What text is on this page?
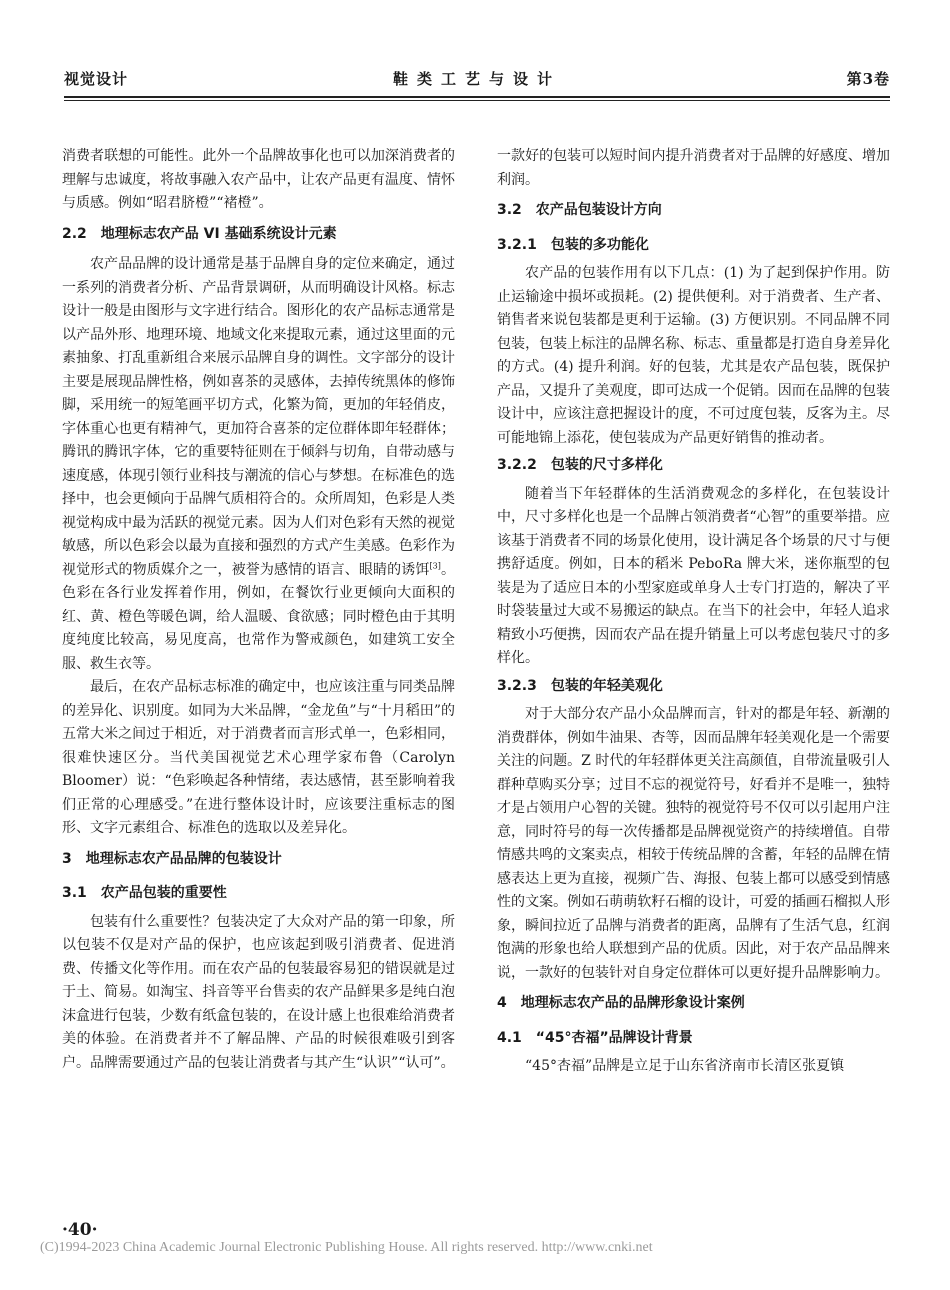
视觉设计	鞋类工艺与设计	第3卷

消费者联想的可能性。此外一个品牌故事化也可以加深消费者的理解与忠诚度，将故事融入农产品中，让农产品更有温度、情怀与质感。例如“昭君脐橙”“褚橙”。

2.2　地理标志农产品 VI 基础系统设计元素

农产品品牌的设计通常是基于品牌自身的定位来确定，通过一系列的消费者分析、产品背景调研，从而明确设计风格。标志设计一般是由图形与文字进行结合。图形化的农产品标志通常是以产品外形、地理环境、地域文化来提取元素，通过这里面的元素抽象、打乱重新组合来展示品牌自身的调性。文字部分的设计主要是展现品牌性格，例如喜茶的灵感体，去掉传统黑体的修饰脚，采用统一的短笔画平切方式，化繁为简，更加的年轻俏皮，字体重心也更有精神气，更加符合喜茶的定位群体即年轻群体；腾讯的腾讯字体，它的重要特征则在于倾斜与切角，自带动感与速度感，体现引领行业科技与潮流的信心与梦想。在标准色的选择中，也会更倾向于品牌气质相符合的。众所周知，色彩是人类视觉构成中最为活跃的视觉元素。因为人们对色彩有天然的视觉敏感，所以色彩会以最为直接和强烈的方式产生美感。色彩作为视觉形式的物质媒介之一，被誉为感情的语言、眼睛的诱饵[3]。色彩在各行业发挥着作用，例如，在餐饮行业更倾向大面积的红、黄、橙色等暖色调，给人温暖、食欲感；同时橙色由于其明度纯度比较高，易见度高，也常作为警戒颜色，如建筑工安全服、救生衣等。

最后，在农产品标志标准的确定中，也应该注重与同类品牌的差异化、识别度。如同为大米品牌，“金龙鱼”与“十月稻田”的五常大米之间过于相近，对于消费者而言形式单一，色彩相同，很难快速区分。当代美国视觉艺术心理学家布鲁（Carolyn Bloomer）说：“色彩唤起各种情绪，表达感情，甚至影响着我们正常的心理感受。”在进行整体设计时，应该要注重标志的图形、文字元素组合、标准色的选取以及差异化。

3　地理标志农产品品牌的包装设计
3.1　农产品包装的重要性

包装有什么重要性？包装决定了大众对产品的第一印象，所以包装不仅是对产品的保护，也应该起到吸引消费者、促进消费、传播文化等作用。而在农产品的包装最容易犯的错误就是过于土、简易。如淘宝、抖音等平台售卖的农产品鲜果多是纯白泡沫盒进行包装，少数有纸盒包装的，在设计感上也很难给消费者美的体验。在消费者并不了解品牌、产品的时候很难吸引到客户。品牌需要通过产品的包装让消费者与其产生“认识”“认可”。

一款好的包装可以短时间内提升消费者对于品牌的好感度、增加利润。

3.2　农产品包装设计方向
3.2.1　包装的多功能化

农产品的包装作用有以下几点：(1) 为了起到保护作用。防止运输途中损坏或损耗。(2) 提供便利。对于消费者、生产者、销售者来说包装都是更利于运输。(3) 方便识别。不同品牌不同包装，包装上标注的品牌名称、标志、重量都是打造自身差异化的方式。(4) 提升利润。好的包装，尤其是农产品包装，既保护产品，又提升了美观度，即可达成一个促销。因而在品牌的包装设计中，应该注意把握设计的度，不可过度包装，反客为主。尽可能地锦上添花，使包装成为产品更好销售的推动者。

3.2.2　包装的尺寸多样化

随着当下年轻群体的生活消费观念的多样化，在包装设计中，尺寸多样化也是一个品牌占领消费者“心智”的重要举措。应该基于消费者不同的场景化使用，设计满足各个场景的尺寸与便携舒适度。例如，日本的稻米 PeboRa 牌大米，迷你瓶型的包装是为了适应日本的小型家庭或单身人士专门打造的，解决了平时袋装量过大或不易搬运的缺点。在当下的社会中，年轻人追求精致小巧便携，因而农产品在提升销量上可以考虑包装尺寸的多样化。

3.2.3　包装的年轻美观化

对于大部分农产品小众品牌而言，针对的都是年轻、新潮的消费群体，例如牛油果、杏等，因而品牌年轻美观化是一个需要关注的问题。Z 时代的年轻群体更关注高颜值，自带流量吸引人群种草购买分享；过目不忘的视觉符号，好看并不是唯一，独特才是占领用户心智的关键。独特的视觉符号不仅可以引起用户注意，同时符号的每一次传播都是品牌视觉资产的持续增值。自带情感共鸣的文案卖点，相较于传统品牌的含蓄，年轻的品牌在情感表达上更为直接，视频广告、海报、包装上都可以感受到情感性的文案。例如石萌萌软籽石榴的设计，可爱的插画石榴拟人形象，瞬间拉近了品牌与消费者的距离，品牌有了生活气息，红润饱满的形象也给人联想到产品的优质。因此，对于农产品品牌来说，一款好的包装针对自身定位群体可以更好提升品牌影响力。

4　地理标志农产品的品牌形象设计案例
4.1　“45°杏福”品牌设计背景

“45°杏福”品牌是立足于山东省济南市长清区张夏镇

·40·
(C)1994-2023 China Academic Journal Electronic Publishing House. All rights reserved. http://www.cnki.net
